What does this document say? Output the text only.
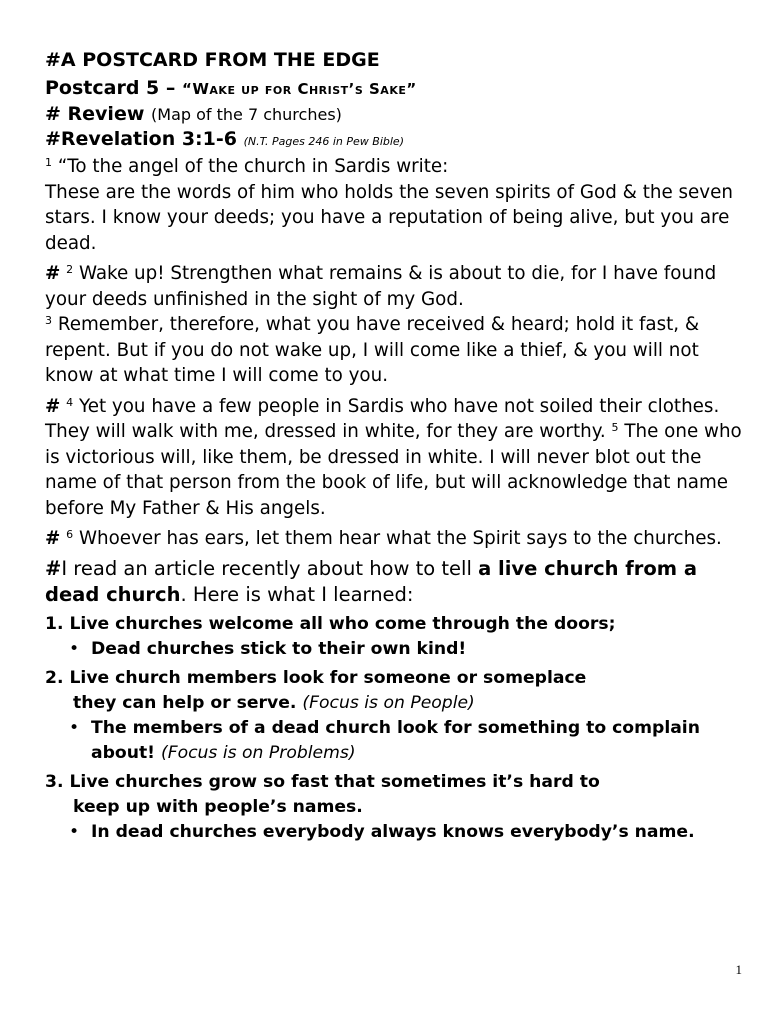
#A POSTCARD FROM THE EDGE
Postcard 5 – “Wake up for Christ’s Sake”
# Review (Map of the 7 churches)
#Revelation 3:1-6 (N.T. Pages 246 in Pew Bible)

$^1$ “To the angel of the church in Sardis write:

These are the words of him who holds the seven spirits of God & the seven stars. I know your deeds; you have a reputation of being alive, but you are dead.

# $^2$ Wake up! Strengthen what remains & is about to die, for I have found your deeds unfinished in the sight of my God.

$^3$ Remember, therefore, what you have received & heard; hold it fast, & repent. But if you do not wake up, I will come like a thief, & you will not know at what time I will come to you.

# $^4$ Yet you have a few people in Sardis who have not soiled their clothes. They will walk with me, dressed in white, for they are worthy. $^5$ The one who is victorious will, like them, be dressed in white. I will never blot out the name of that person from the book of life, but will acknowledge that name before My Father & His angels.

# $^6$ Whoever has ears, let them hear what the Spirit says to the churches.

#I read an article recently about how to tell a live church from a dead church. Here is what I learned:

1. Live churches welcome all who come through the doors;
• Dead churches stick to their own kind!
2. Live church members look for someone or someplace
they can help or serve. (Focus is on People)
• The members of a dead church look for something to complain about! (Focus is on Problems)
3. Live churches grow so fast that sometimes it’s hard to
keep up with people’s names.
• In dead churches everybody always knows everybody’s name.
1
